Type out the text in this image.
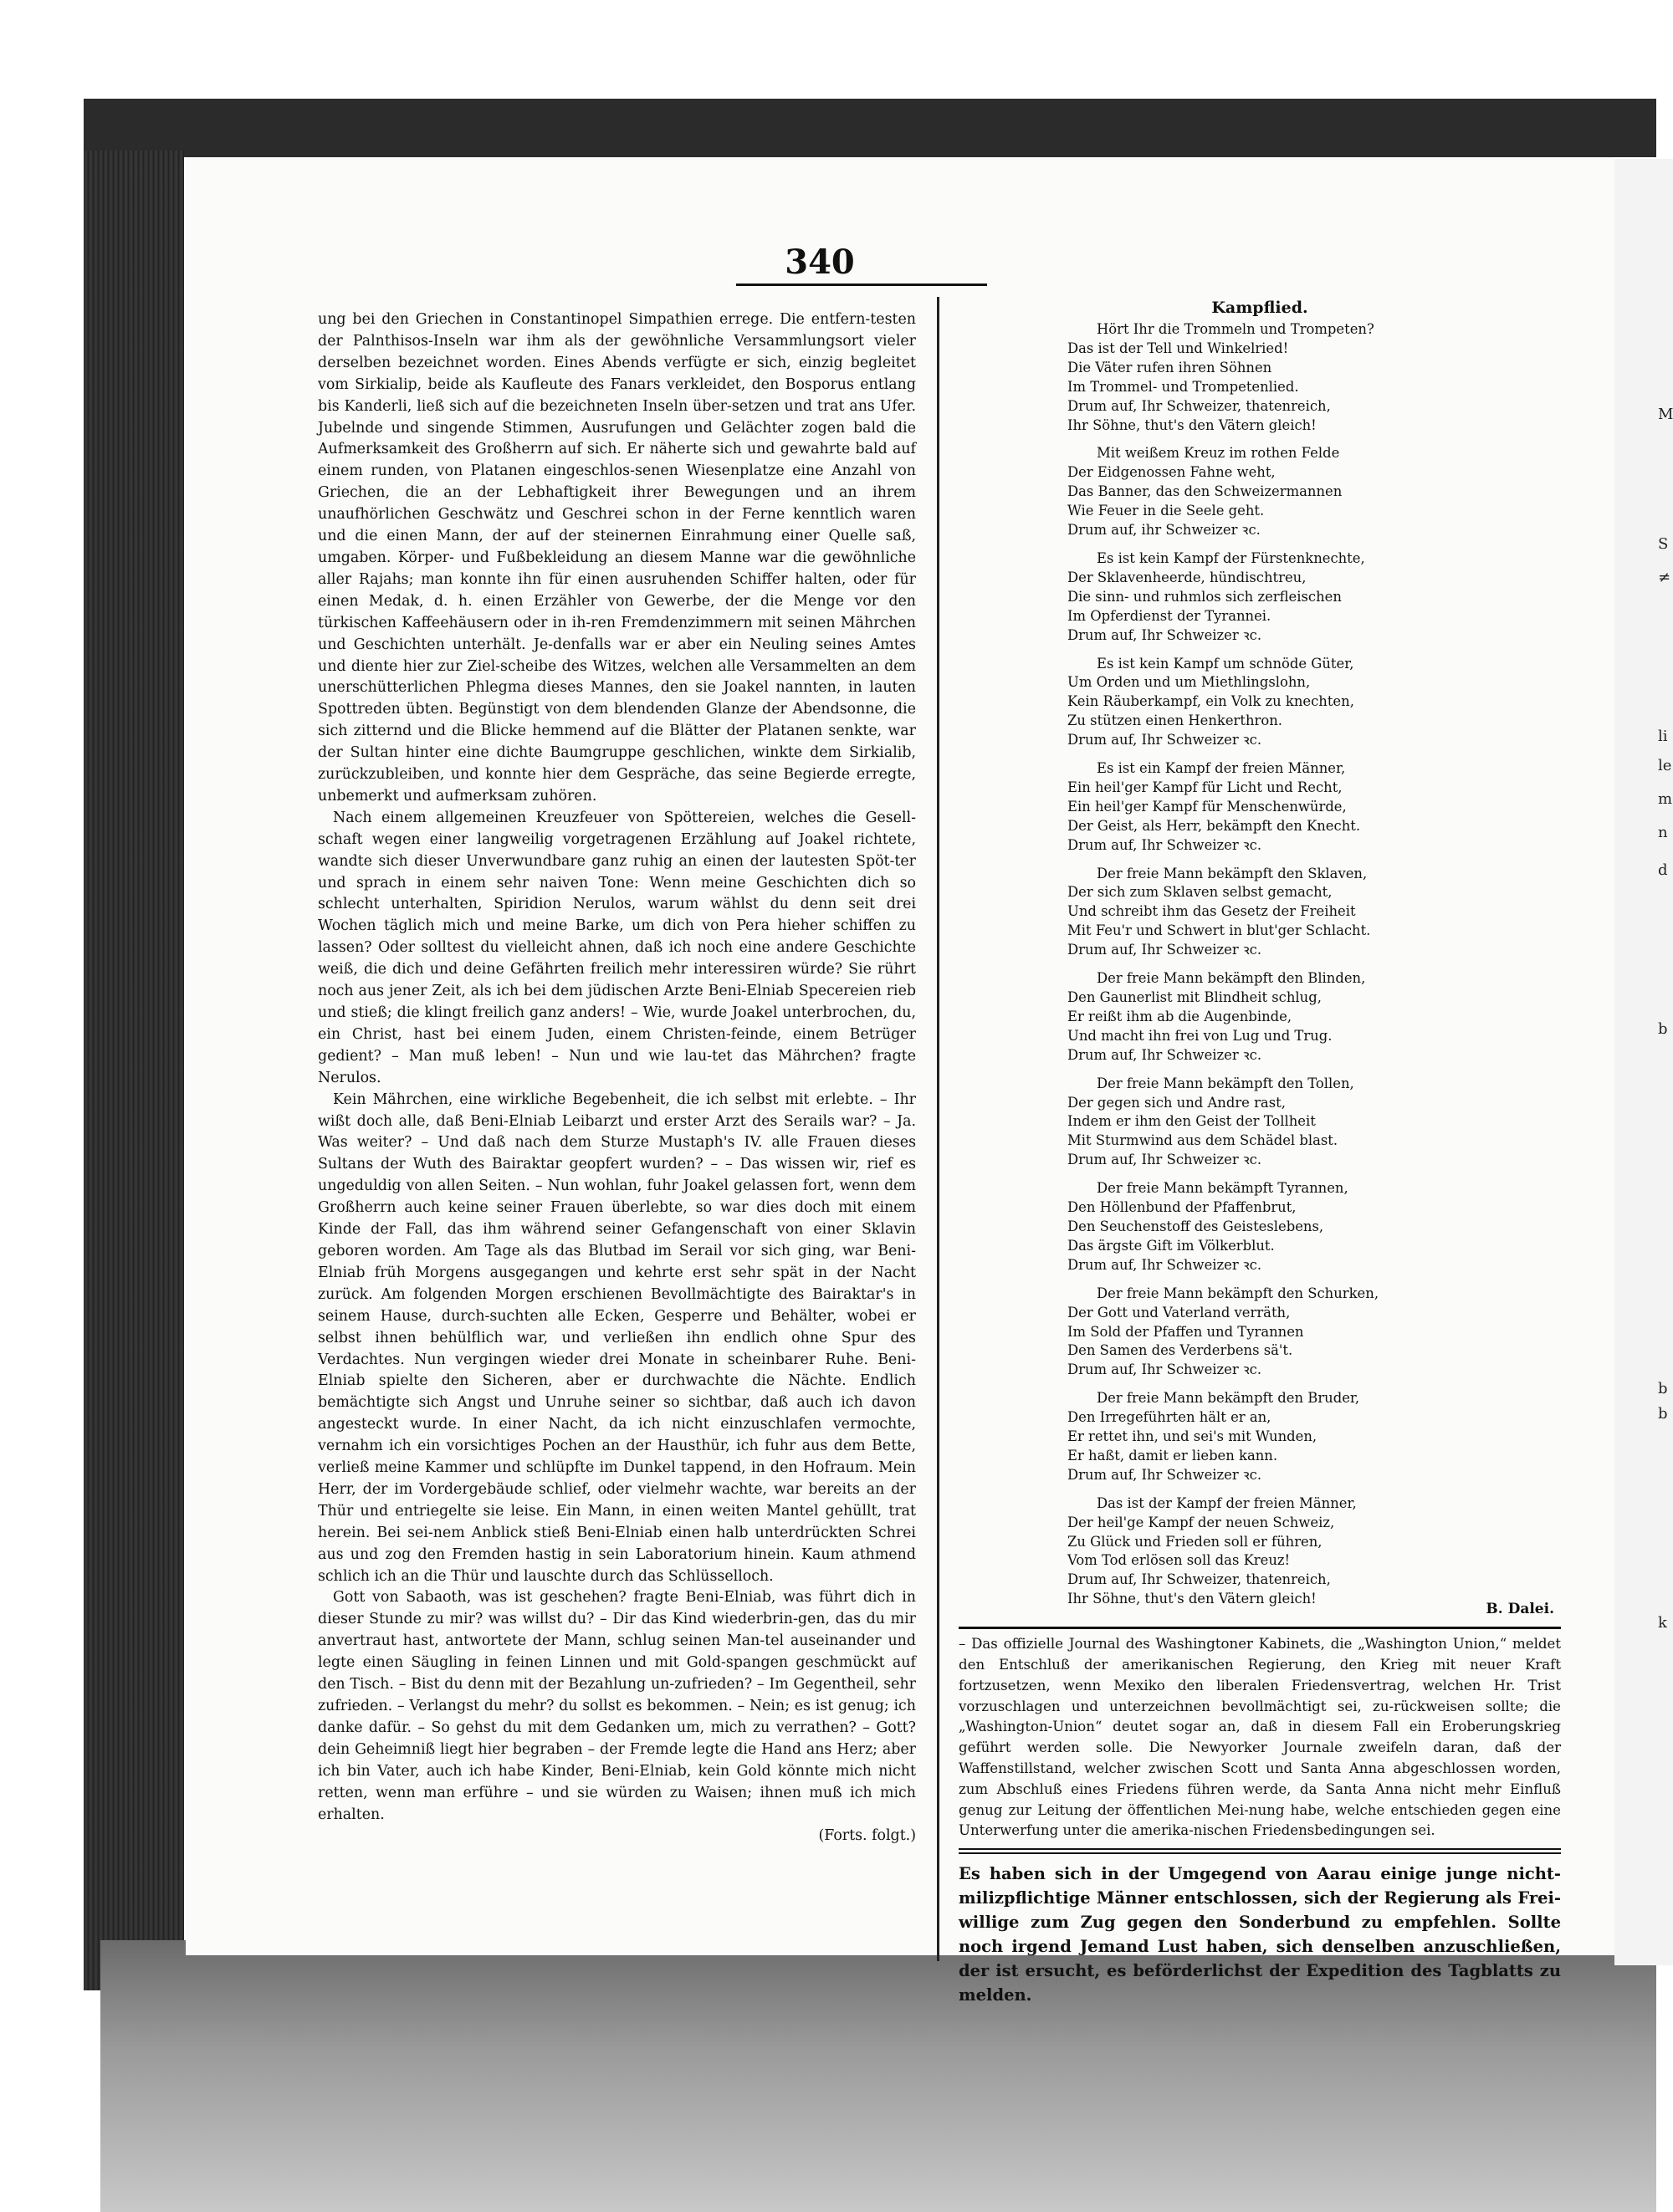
M
S
≠
li
le
m
n
d
b
b
b
k
340

ung bei den Griechen in Constantinopel Simpathien errege. Die entfern-testen der Palnthisos-Inseln war ihm als der gewöhnliche Versammlungsort vieler derselben bezeichnet worden. Eines Abends verfügte er sich, einzig begleitet vom Sirkialip, beide als Kaufleute des Fanars verkleidet, den Bosporus entlang bis Kanderli, ließ sich auf die bezeichneten Inseln über-setzen und trat ans Ufer. Jubelnde und singende Stimmen, Ausrufungen und Gelächter zogen bald die Aufmerksamkeit des Großherrn auf sich. Er näherte sich und gewahrte bald auf einem runden, von Platanen eingeschlos-senen Wiesenplatze eine Anzahl von Griechen, die an der Lebhaftigkeit ihrer Bewegungen und an ihrem unaufhörlichen Geschwätz und Geschrei schon in der Ferne kenntlich waren und die einen Mann, der auf der steinernen Einrahmung einer Quelle saß, umgaben. Körper- und Fußbekleidung an diesem Manne war die gewöhnliche aller Rajahs; man konnte ihn für einen ausruhenden Schiffer halten, oder für einen Medak, d. h. einen Erzähler von Gewerbe, der die Menge vor den türkischen Kaffeehäusern oder in ih-ren Fremdenzimmern mit seinen Mährchen und Geschichten unterhält. Je-denfalls war er aber ein Neuling seines Amtes und diente hier zur Ziel-scheibe des Witzes, welchen alle Versammelten an dem unerschütterlichen Phlegma dieses Mannes, den sie Joakel nannten, in lauten Spottreden übten. Begünstigt von dem blendenden Glanze der Abendsonne, die sich zitternd und die Blicke hemmend auf die Blätter der Platanen senkte, war der Sultan hinter eine dichte Baumgruppe geschlichen, winkte dem Sirkialib, zurückzubleiben, und konnte hier dem Gespräche, das seine Begierde erregte, unbemerkt und aufmerksam zuhören.

Nach einem allgemeinen Kreuzfeuer von Spöttereien, welches die Gesell-schaft wegen einer langweilig vorgetragenen Erzählung auf Joakel richtete, wandte sich dieser Unverwundbare ganz ruhig an einen der lautesten Spöt-ter und sprach in einem sehr naiven Tone: Wenn meine Geschichten dich so schlecht unterhalten, Spiridion Nerulos, warum wählst du denn seit drei Wochen täglich mich und meine Barke, um dich von Pera hieher schiffen zu lassen? Oder solltest du vielleicht ahnen, daß ich noch eine andere Geschichte weiß, die dich und deine Gefährten freilich mehr interessiren würde? Sie rührt noch aus jener Zeit, als ich bei dem jüdischen Arzte Beni-Elniab Specereien rieb und stieß; die klingt freilich ganz anders! – Wie, wurde Joakel unterbrochen, du, ein Christ, hast bei einem Juden, einem Christen-feinde, einem Betrüger gedient? – Man muß leben! – Nun und wie lau-tet das Mährchen? fragte Nerulos.

Kein Mährchen, eine wirkliche Begebenheit, die ich selbst mit erlebte. – Ihr wißt doch alle, daß Beni-Elniab Leibarzt und erster Arzt des Serails war? – Ja. Was weiter? – Und daß nach dem Sturze Mustaph's IV. alle Frauen dieses Sultans der Wuth des Bairaktar geopfert wurden? – – Das wissen wir, rief es ungeduldig von allen Seiten. – Nun wohlan, fuhr Joakel gelassen fort, wenn dem Großherrn auch keine seiner Frauen überlebte, so war dies doch mit einem Kinde der Fall, das ihm während seiner Gefangenschaft von einer Sklavin geboren worden. Am Tage als das Blutbad im Serail vor sich ging, war Beni-Elniab früh Morgens ausgegangen und kehrte erst sehr spät in der Nacht zurück. Am folgenden Morgen erschienen Bevollmächtigte des Bairaktar's in seinem Hause, durch-suchten alle Ecken, Gesperre und Behälter, wobei er selbst ihnen behülflich war, und verließen ihn endlich ohne Spur des Verdachtes. Nun vergingen wieder drei Monate in scheinbarer Ruhe. Beni-Elniab spielte den Sicheren, aber er durchwachte die Nächte. Endlich bemächtigte sich Angst und Unruhe seiner so sichtbar, daß auch ich davon angesteckt wurde. In einer Nacht, da ich nicht einzuschlafen vermochte, vernahm ich ein vorsichtiges Pochen an der Hausthür, ich fuhr aus dem Bette, verließ meine Kammer und schlüpfte im Dunkel tappend, in den Hofraum. Mein Herr, der im Vordergebäude schlief, oder vielmehr wachte, war bereits an der Thür und entriegelte sie leise. Ein Mann, in einen weiten Mantel gehüllt, trat herein. Bei sei-nem Anblick stieß Beni-Elniab einen halb unterdrückten Schrei aus und zog den Fremden hastig in sein Laboratorium hinein. Kaum athmend schlich ich an die Thür und lauschte durch das Schlüsselloch.

Gott von Sabaoth, was ist geschehen? fragte Beni-Elniab, was führt dich in dieser Stunde zu mir? was willst du? – Dir das Kind wiederbrin-gen, das du mir anvertraut hast, antwortete der Mann, schlug seinen Man-tel auseinander und legte einen Säugling in feinen Linnen und mit Gold-spangen geschmückt auf den Tisch. – Bist du denn mit der Bezahlung un-zufrieden? – Im Gegentheil, sehr zufrieden. – Verlangst du mehr? du sollst es bekommen. – Nein; es ist genug; ich danke dafür. – So gehst du mit dem Gedanken um, mich zu verrathen? – Gott? dein Geheimniß liegt hier begraben – der Fremde legte die Hand ans Herz; aber ich bin Vater, auch ich habe Kinder, Beni-Elniab, kein Gold könnte mich nicht retten, wenn man erführe – und sie würden zu Waisen; ihnen muß ich mich erhalten.

(Forts. folgt.)
Kampflied.
Hört Ihr die Trommeln und Trompeten?
Das ist der Tell und Winkelried!
Die Väter rufen ihren Söhnen
Im Trommel- und Trompetenlied.
Drum auf, Ihr Schweizer, thatenreich,
Ihr Söhne, thut's den Vätern gleich!
Mit weißem Kreuz im rothen Felde
Der Eidgenossen Fahne weht,
Das Banner, das den Schweizermannen
Wie Feuer in die Seele geht.
Drum auf, ihr Schweizer ꝛc.
Es ist kein Kampf der Fürstenknechte,
Der Sklavenheerde, hündischtreu,
Die sinn- und ruhmlos sich zerfleischen
Im Opferdienst der Tyrannei.
Drum auf, Ihr Schweizer ꝛc.
Es ist kein Kampf um schnöde Güter,
Um Orden und um Miethlingslohn,
Kein Räuberkampf, ein Volk zu knechten,
Zu stützen einen Henkerthron.
Drum auf, Ihr Schweizer ꝛc.
Es ist ein Kampf der freien Männer,
Ein heil'ger Kampf für Licht und Recht,
Ein heil'ger Kampf für Menschenwürde,
Der Geist, als Herr, bekämpft den Knecht.
Drum auf, Ihr Schweizer ꝛc.
Der freie Mann bekämpft den Sklaven,
Der sich zum Sklaven selbst gemacht,
Und schreibt ihm das Gesetz der Freiheit
Mit Feu'r und Schwert in blut'ger Schlacht.
Drum auf, Ihr Schweizer ꝛc.
Der freie Mann bekämpft den Blinden,
Den Gaunerlist mit Blindheit schlug,
Er reißt ihm ab die Augenbinde,
Und macht ihn frei von Lug und Trug.
Drum auf, Ihr Schweizer ꝛc.
Der freie Mann bekämpft den Tollen,
Der gegen sich und Andre rast,
Indem er ihm den Geist der Tollheit
Mit Sturmwind aus dem Schädel blast.
Drum auf, Ihr Schweizer ꝛc.
Der freie Mann bekämpft Tyrannen,
Den Höllenbund der Pfaffenbrut,
Den Seuchenstoff des Geisteslebens,
Das ärgste Gift im Völkerblut.
Drum auf, Ihr Schweizer ꝛc.
Der freie Mann bekämpft den Schurken,
Der Gott und Vaterland verräth,
Im Sold der Pfaffen und Tyrannen
Den Samen des Verderbens sä't.
Drum auf, Ihr Schweizer ꝛc.
Der freie Mann bekämpft den Bruder,
Den Irregeführten hält er an,
Er rettet ihn, und sei's mit Wunden,
Er haßt, damit er lieben kann.
Drum auf, Ihr Schweizer ꝛc.
Das ist der Kampf der freien Männer,
Der heil'ge Kampf der neuen Schweiz,
Zu Glück und Frieden soll er führen,
Vom Tod erlösen soll das Kreuz!
Drum auf, Ihr Schweizer, thatenreich,
Ihr Söhne, thut's den Vätern gleich!
B. Dalei.

– Das offizielle Journal des Washingtoner Kabinets, die „Washington Union,“ meldet den Entschluß der amerikanischen Regierung, den Krieg mit neuer Kraft fortzusetzen, wenn Mexiko den liberalen Friedensvertrag, welchen Hr. Trist vorzuschlagen und unterzeichnen bevollmächtigt sei, zu-rückweisen sollte; die „Washington-Union“ deutet sogar an, daß in diesem Fall ein Eroberungskrieg geführt werden solle. Die Newyorker Journale zweifeln daran, daß der Waffenstillstand, welcher zwischen Scott und Santa Anna abgeschlossen worden, zum Abschluß eines Friedens führen werde, da Santa Anna nicht mehr Einfluß genug zur Leitung der öffentlichen Mei-nung habe, welche entschieden gegen eine Unterwerfung unter die amerika-nischen Friedensbedingungen sei.

Es haben sich in der Umgegend von Aarau einige junge nicht-milizpflichtige Männer entschlossen, sich der Regierung als Frei-willige zum Zug gegen den Sonderbund zu empfehlen. Sollte noch irgend Jemand Lust haben, sich denselben anzuschließen, der ist ersucht, es beförderlichst der Expedition des Tagblatts zu melden.
